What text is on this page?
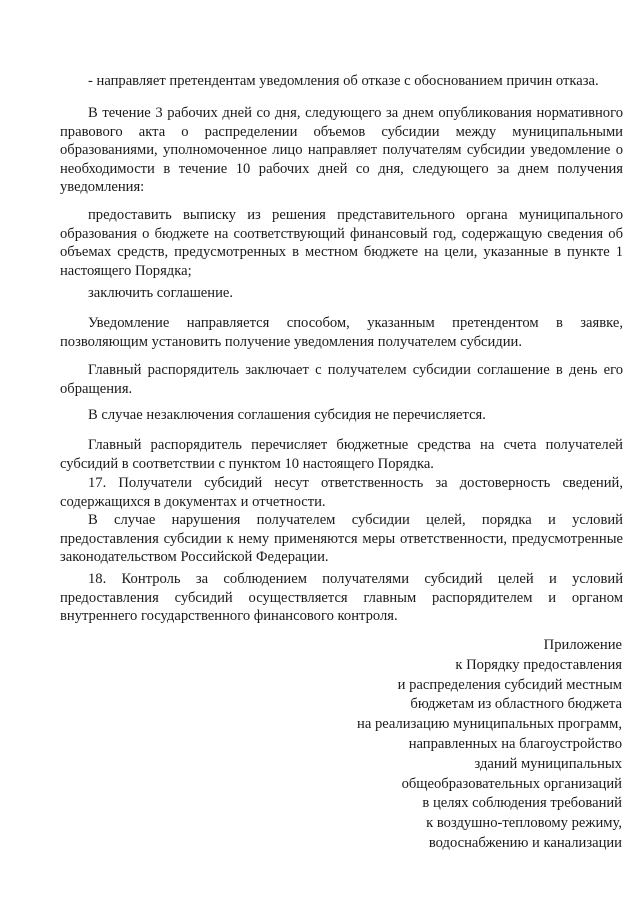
- направляет претендентам уведомления об отказе с обоснованием причин отказа.

В течение 3 рабочих дней со дня, следующего за днем опубликования нормативного правового акта о распределении объемов субсидии между муниципальными образованиями, уполномоченное лицо направляет получателям субсидии уведомление о необходимости в течение 10 рабочих дней со дня, следующего за днем получения уведомления:

предоставить выписку из решения представительного органа муниципального образования о бюджете на соответствующий финансовый год, содержащую сведения об объемах средств, предусмотренных в местном бюджете на цели, указанные в пункте 1 настоящего Порядка;

заключить соглашение.

Уведомление направляется способом, указанным претендентом в заявке, позволяющим установить получение уведомления получателем субсидии.

Главный распорядитель заключает с получателем субсидии соглашение в день его обращения.

В случае незаключения соглашения субсидия не перечисляется.

Главный распорядитель перечисляет бюджетные средства на счета получателей субсидий в соответствии с пунктом 10 настоящего Порядка.

17. Получатели субсидий несут ответственность за достоверность сведений, содержащихся в документах и отчетности.

В случае нарушения получателем субсидии целей, порядка и условий предоставления субсидии к нему применяются меры ответственности, предусмотренные законодательством Российской Федерации.

18. Контроль за соблюдением получателями субсидий целей и условий предоставления субсидий осуществляется главным распорядителем и органом внутреннего государственного финансового контроля.

Приложение
к Порядку предоставления
и распределения субсидий местным
бюджетам из областного бюджета
на реализацию муниципальных программ,
направленных на благоустройство
зданий муниципальных
общеобразовательных организаций
в целях соблюдения требований
к воздушно-тепловому режиму,
водоснабжению и канализации
